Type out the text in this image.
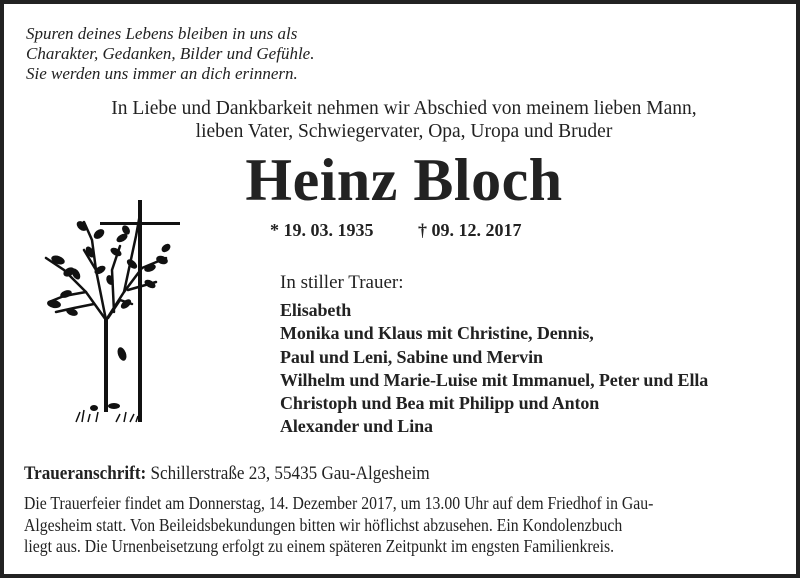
Spuren deines Lebens bleiben in uns als
Charakter, Gedanken, Bilder und Gefühle.
Sie werden uns immer an dich erinnern.
In Liebe und Dankbarkeit nehmen wir Abschied von meinem lieben Mann,
lieben Vater, Schwiegervater, Opa, Uropa und Bruder
Heinz Bloch
* 19. 03. 1935 † 09. 12. 2017
In stiller Trauer:
Elisabeth
Monika und Klaus mit Christine, Dennis,
Paul und Leni, Sabine und Mervin
Wilhelm und Marie-Luise mit Immanuel, Peter und Ella
Christoph und Bea mit Philipp und Anton
Alexander und Lina
Traueranschrift: Schillerstraße 23, 55435 Gau-Algesheim
Die Trauerfeier findet am Donnerstag, 14. Dezember 2017, um 13.00 Uhr auf dem Friedhof in Gau-
Algesheim statt. Von Beileidsbekundungen bitten wir höflichst abzusehen. Ein Kondolenzbuch
liegt aus. Die Urnenbeisetzung erfolgt zu einem späteren Zeitpunkt im engsten Familienkreis.
